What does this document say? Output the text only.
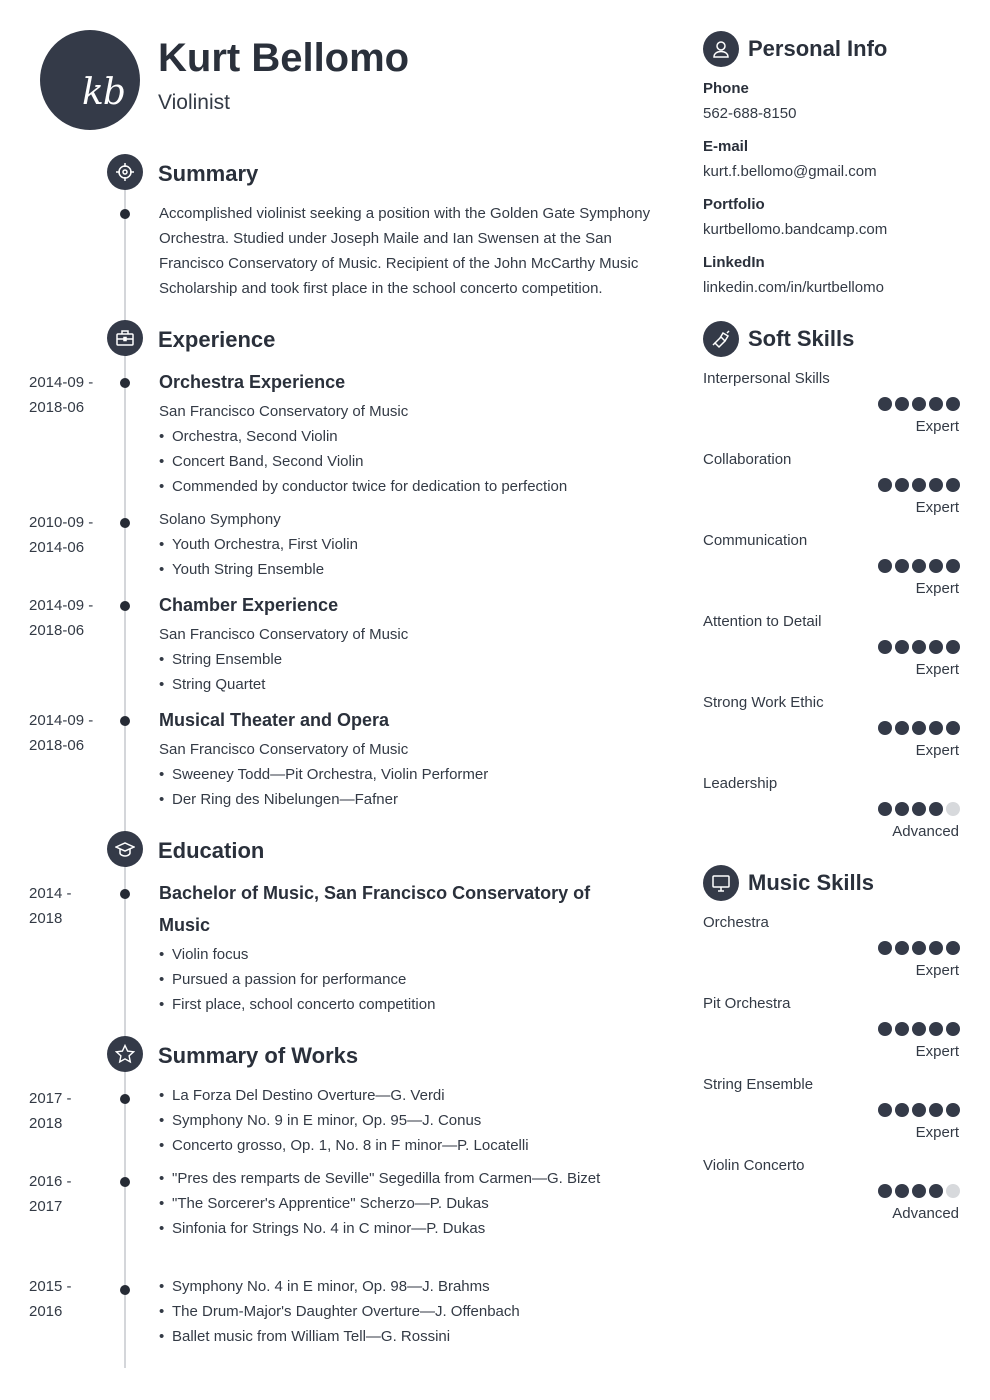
kb
Kurt Bellomo
Violinist
Summary
Accomplished violinist seeking a position with the Golden Gate Symphony Orchestra. Studied under Joseph Maile and Ian Swensen at the San Francisco Conservatory of Music. Recipient of the John McCarthy Music Scholarship and took first place in the school concerto competition.
Experience
2014-09 -
2018-06
Orchestra Experience
San Francisco Conservatory of Music
• Orchestra, Second Violin
• Concert Band, Second Violin
• Commended by conductor twice for dedication to perfection
2010-09 -
2014-06
Solano Symphony
• Youth Orchestra, First Violin
• Youth String Ensemble
2014-09 -
2018-06
Chamber Experience
San Francisco Conservatory of Music
• String Ensemble
• String Quartet
2014-09 -
2018-06
Musical Theater and Opera
San Francisco Conservatory of Music
• Sweeney Todd—Pit Orchestra, Violin Performer
• Der Ring des Nibelungen—Fafner
Education
2014 -
2018
Bachelor of Music, San Francisco Conservatory of
Music
• Violin focus
• Pursued a passion for performance
• First place, school concerto competition
Summary of Works
2017 -
2018
• La Forza Del Destino Overture—G. Verdi
• Symphony No. 9 in E minor, Op. 95—J. Conus
• Concerto grosso, Op. 1, No. 8 in F minor—P. Locatelli
2016 -
2017
• "Pres des remparts de Seville" Segedilla from Carmen—G. Bizet
• "The Sorcerer's Apprentice" Scherzo—P. Dukas
• Sinfonia for Strings No. 4 in C minor—P. Dukas
2015 -
2016
• Symphony No. 4 in E minor, Op. 98—J. Brahms
• The Drum-Major's Daughter Overture—J. Offenbach
• Ballet music from William Tell—G. Rossini
Personal Info
Phone
562-688-8150
E-mail
kurt.f.bellomo@gmail.com
Portfolio
kurtbellomo.bandcamp.com
LinkedIn
linkedin.com/in/kurtbellomo
Soft Skills
Interpersonal Skills
Expert
Collaboration
Expert
Communication
Expert
Attention to Detail
Expert
Strong Work Ethic
Expert
Leadership
Advanced
Music Skills
Orchestra
Expert
Pit Orchestra
Expert
String Ensemble
Expert
Violin Concerto
Advanced
